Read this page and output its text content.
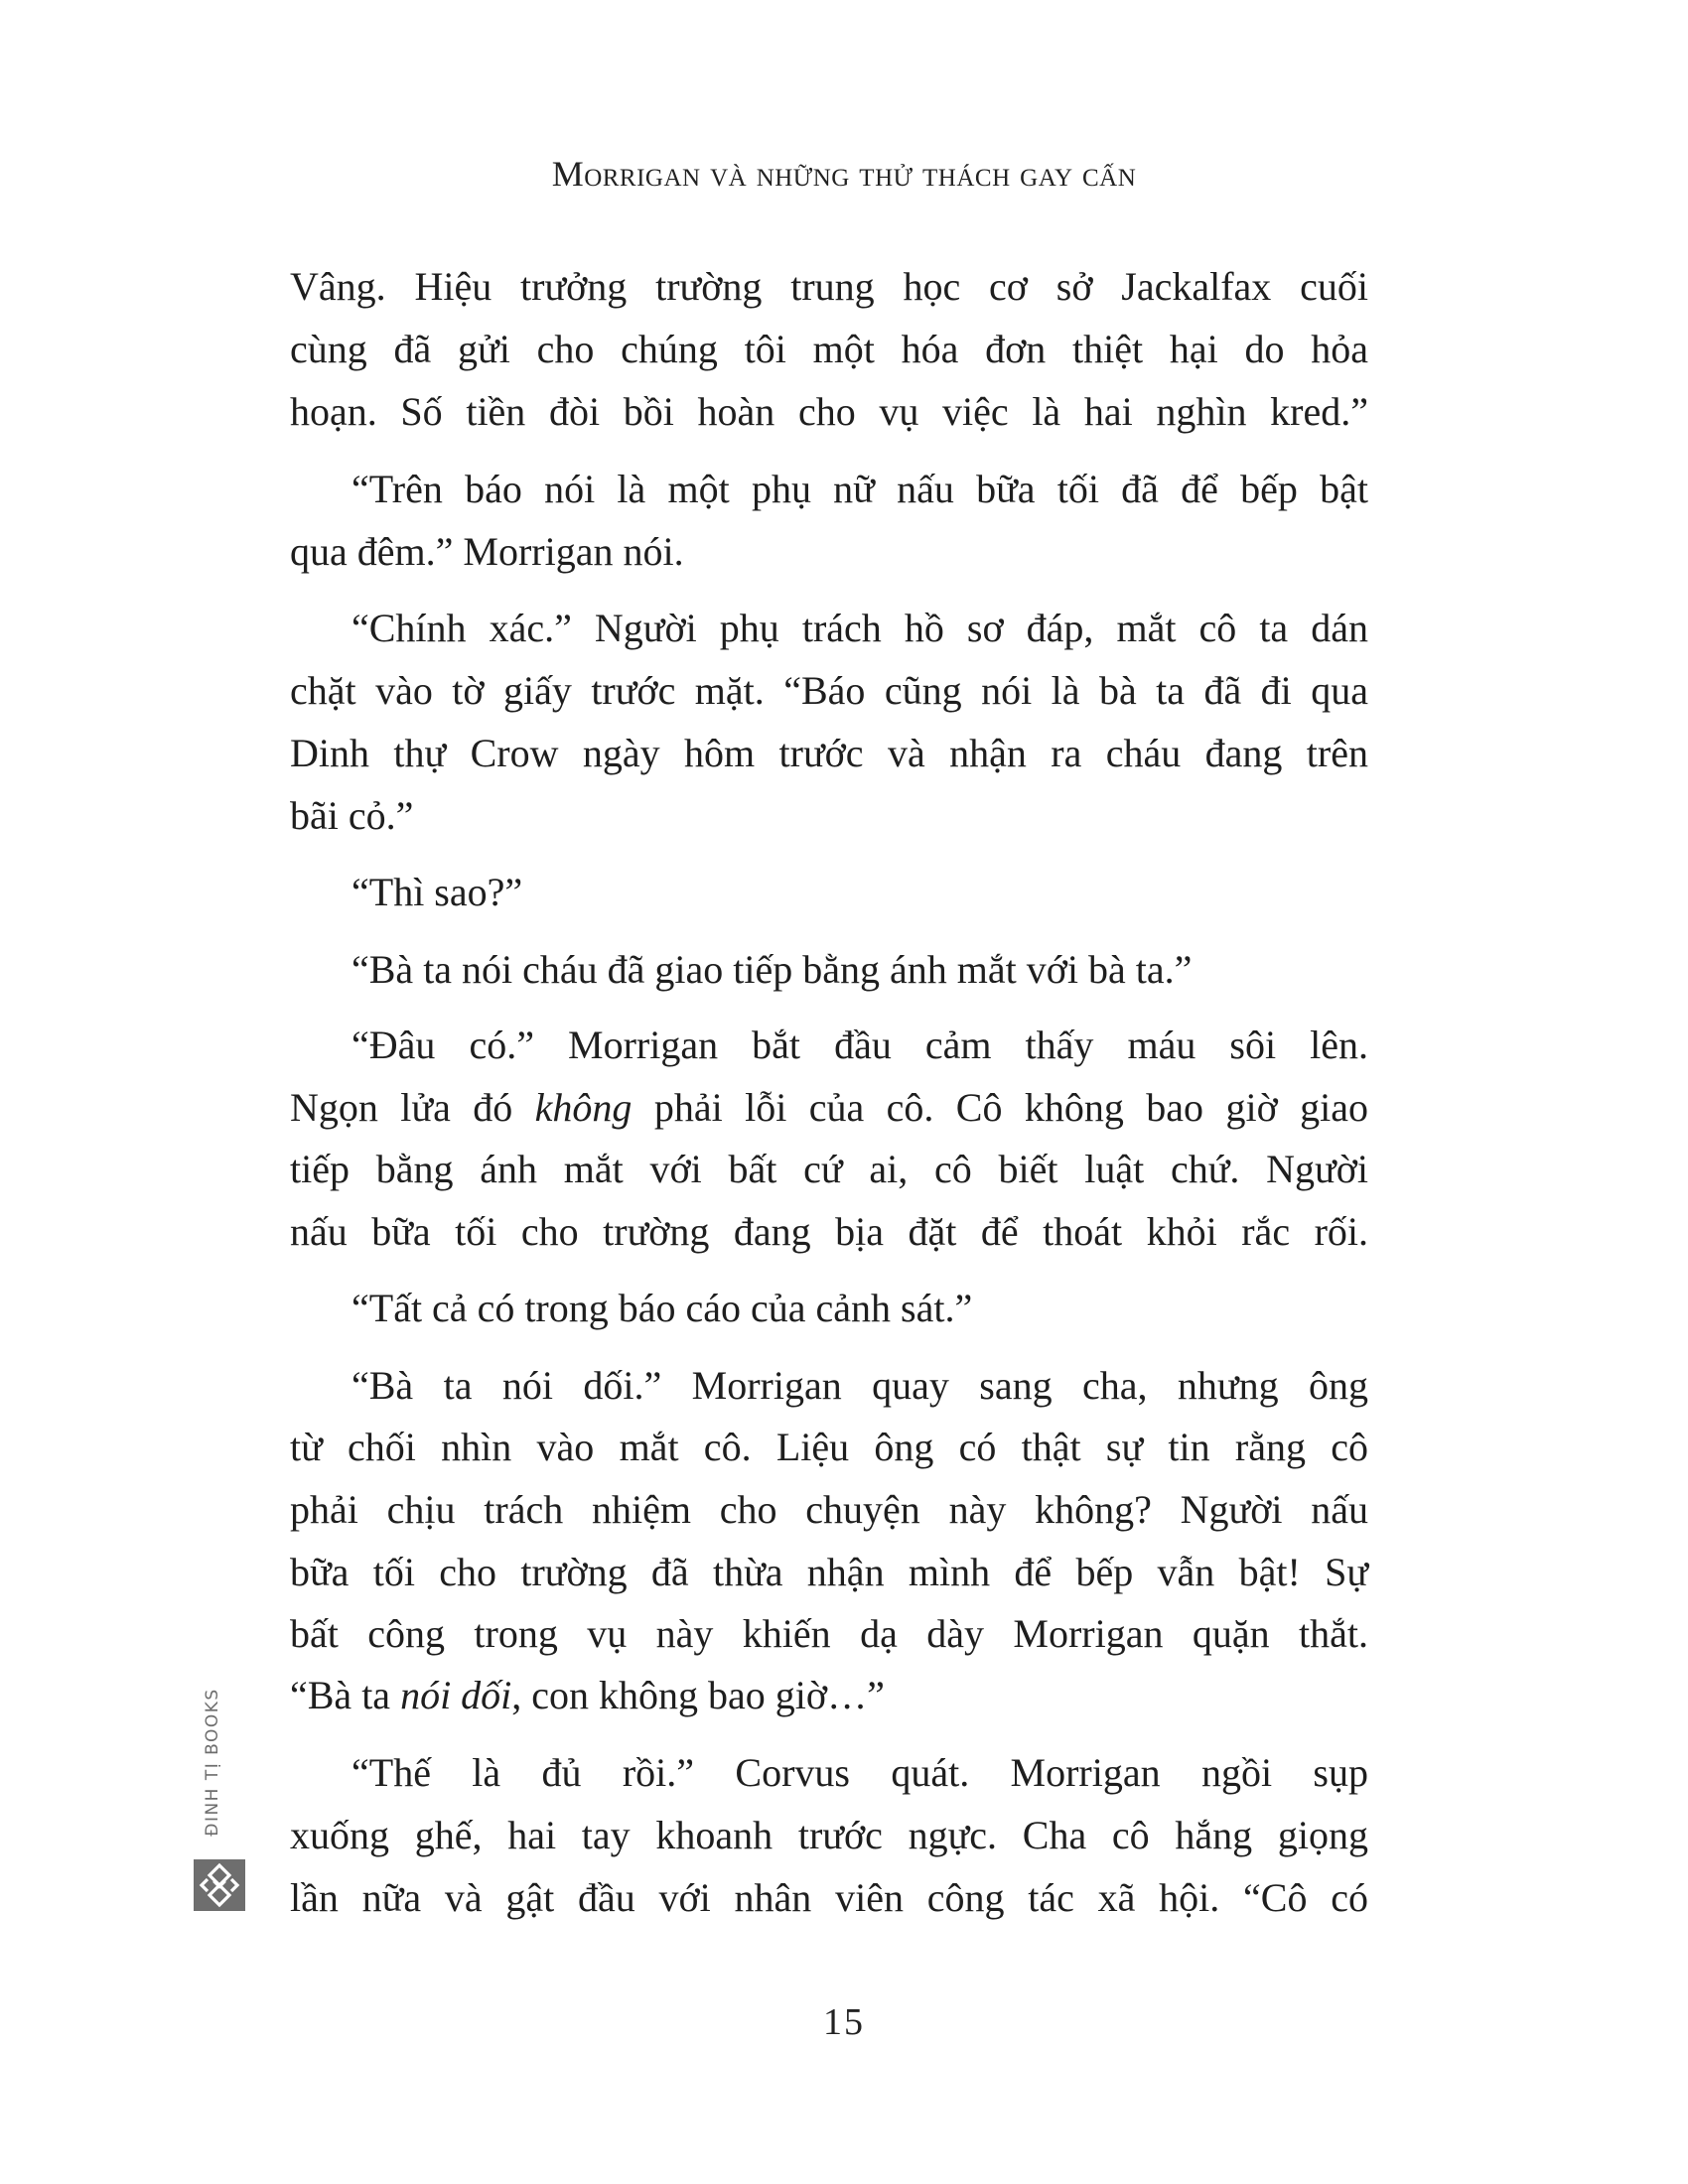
Morrigan và những thử thách gay cấn
Vâng. Hiệu trưởng trường trung học cơ sở Jackalfax cuối
cùng đã gửi cho chúng tôi một hóa đơn thiệt hại do hỏa
hoạn. Số tiền đòi bồi hoàn cho vụ việc là hai nghìn kred.”
“Trên báo nói là một phụ nữ nấu bữa tối đã để bếp bật
qua đêm.” Morrigan nói.
“Chính xác.” Người phụ trách hồ sơ đáp, mắt cô ta dán
chặt vào tờ giấy trước mặt. “Báo cũng nói là bà ta đã đi qua
Dinh thự Crow ngày hôm trước và nhận ra cháu đang trên
bãi cỏ.”
“Thì sao?”
“Bà ta nói cháu đã giao tiếp bằng ánh mắt với bà ta.”
“Đâu có.” Morrigan bắt đầu cảm thấy máu sôi lên.
Ngọn lửa đó không phải lỗi của cô. Cô không bao giờ giao
tiếp bằng ánh mắt với bất cứ ai, cô biết luật chứ. Người
nấu bữa tối cho trường đang bịa đặt để thoát khỏi rắc rối.
“Tất cả có trong báo cáo của cảnh sát.”
“Bà ta nói dối.” Morrigan quay sang cha, nhưng ông
từ chối nhìn vào mắt cô. Liệu ông có thật sự tin rằng cô
phải chịu trách nhiệm cho chuyện này không? Người nấu
bữa tối cho trường đã thừa nhận mình để bếp vẫn bật! Sự
bất công trong vụ này khiến dạ dày Morrigan quặn thắt.
“Bà ta nói dối, con không bao giờ…”
“Thế là đủ rồi.” Corvus quát. Morrigan ngồi sụp
xuống ghế, hai tay khoanh trước ngực. Cha cô hắng giọng
lần nữa và gật đầu với nhân viên công tác xã hội. “Cô có
ĐINH TỊ BOOKS
15
